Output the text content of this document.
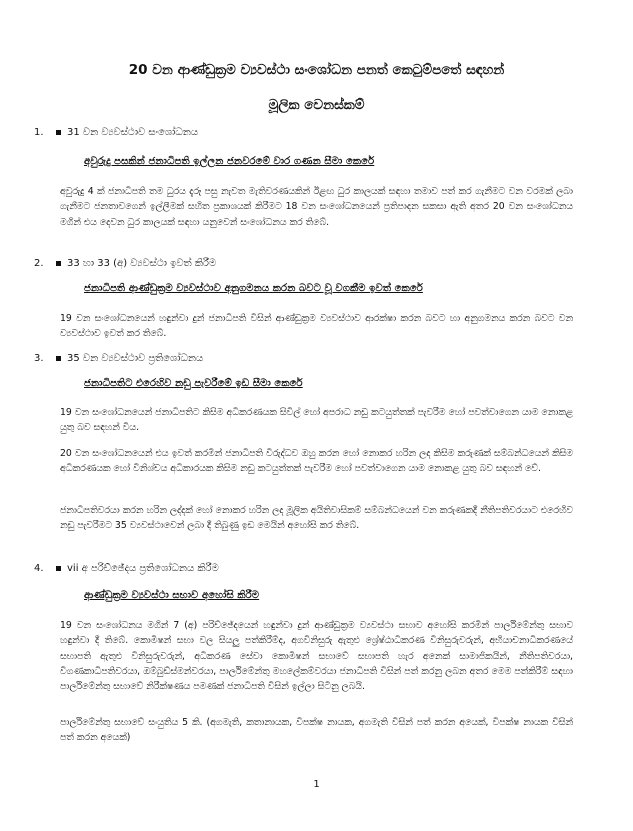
20 වන ආණ්ඩුක්‍රම ව්‍යවස්ථා සංශෝධන පනත් කෙටුම්පතේ සඳහන්

මූලික වෙනස්කම්

1.	31 වන ව්‍යවස්ථාව සංශෝධනය

අවුරුදු පසකින් ජනාධිපති ඉල්ලන ජනවරමේ වාර ගණන සීමා කෙරේ

අවුරුදු 4 ක් ජනාධිපති තම ධුරය දැරූ පසු නැවත මැතිවරණයකින් ඊළඟ ධුර කාලයක් සඳහා තමාව පත් කර ගැනීමට වන වරමක් ලබා ගැනීමට ජනතාවගෙන් ඉල්ලීමක් සහිත ප්‍රකාශයක් කිරීමට 18 වන සංශෝධනයෙන් ප්‍රතිපාදන සකසා ඇති අතර 20 වන සංශෝධනය මගින් එය දෙවන ධුර කාලයක් සඳහා යනුවෙන් සංශෝධනය කර තිබේ.

2.	33 හා 33 (අ) ව්‍යවස්ථා ඉවත් කිරීම

ජනාධිපති ආණ්ඩුක්‍රම ව්‍යවස්ථාව අනුගමනය කරන බවට වූ වගකීම ඉවත් කෙරේ

19 වන සංශෝධනයෙන් හඳුන්වා දුන් ජනාධිපති විසින් ආණ්ඩුක්‍රම ව්‍යවස්ථාව ආරක්ෂා කරන බවට හා අනුගමනය කරන බවට වන ව්‍යවස්ථාව ඉවත් කර තිබේ.

3.	35 වන ව්‍යවස්ථාව ප්‍රතිශෝධනය

ජනාධිපතිට එරෙහිව නඩු පැවරීමේ ඉඩ සීමා කෙරේ

19 වන සංශෝධනයෙන් ජනාධිපතිට කිසිම අධිකරණයක සිවිල් හෝ අපරාධ නඩු කටයුත්තක් පැවරීම හෝ පවත්වාගෙන යාම නොකළ යුතු බව සඳහන් විය.

20 වන සංශෝධනයෙන් එය ඉවත් කරමින් ජනාධිපති විරුද්ධව ඔහු කරන හෝ නොකර හරින ලද කිසිම කරුණක් සම්බන්ධයෙන් කිසිම අධිකරණයක හෝ විනිශ්චය අධිකාරයක කිසිම නඩු කටයුත්තක් පැවරීම හෝ පවත්වාගෙන යාම නොකළ යුතු බව සඳහන් වේ.

ජනාධිපතිවරයා කරන හරින ලද්දක් හෝ නොකර හරින ලද මූලික අයිතිවාසිකම් සම්බන්ධයෙන් වන කරුණකදී නීතිපතිවරයාට එරෙහිව නඩු පැවරීමට 35 ව්‍යවස්ථාවෙන් ලබා දී තිබුණු ඉඩ මෙයින් අහෝසි කර තිබේ.

4.	vii අ පරිච්ඡේදය ප්‍රතිශෝධනය කිරීම

ආණ්ඩුක්‍රම ව්‍යවස්ථා සභාව අහෝසි කිරීම

19 වන සංශෝධනය මගින් 7 (අ) පරිච්ඡේදයෙන් හඳුන්වා දුන් ආණ්ඩුක්‍රම ව්‍යවස්ථා සභාව අහෝසි කරමින් පාර්ලිමේන්තු සභාව හඳුන්වා දී තිබේ. කොමිෂන් සභා වල සියලු පත්කිරීම්ද, අගවිනිසුරු ඇතුළු ශ්‍රේෂ්ඨාධිකරණ විනිසුරුවරුන්, අභියාචනාධිකරණයේ සභාපති ඇතුළු විනිසුරුවරුන්, අධිකරණ සේවා කොමිෂන් සභාවේ සභාපති හැර අනෙක් සාමාජිකයින්, නීතිපතිවරයා, විගණකාධිපතිවරයා, ඔම්බුඩ්ස්මන්වරයා, පාර්ලිමේන්තු මහලේකම්වරයා ජනාධිපති විසින් පත් කරනු ලබන අතර මෙම පත්කිරීම් සඳහා පාර්ලිමේන්තු සභාවේ නිරීක්ෂණය පමණක් ජනාධිපති විසින් ඉල්ලා සිටිනු ලබයි.

පාර්ලිමේන්තු සභාවේ සංයුතිය 5 කි. (අගමැති, කතානායක, විපක්ෂ නායක, අගමැති විසින් පත් කරන අයෙක්, විපක්ෂ නායක විසින් පත් කරන අයෙක්)

1
